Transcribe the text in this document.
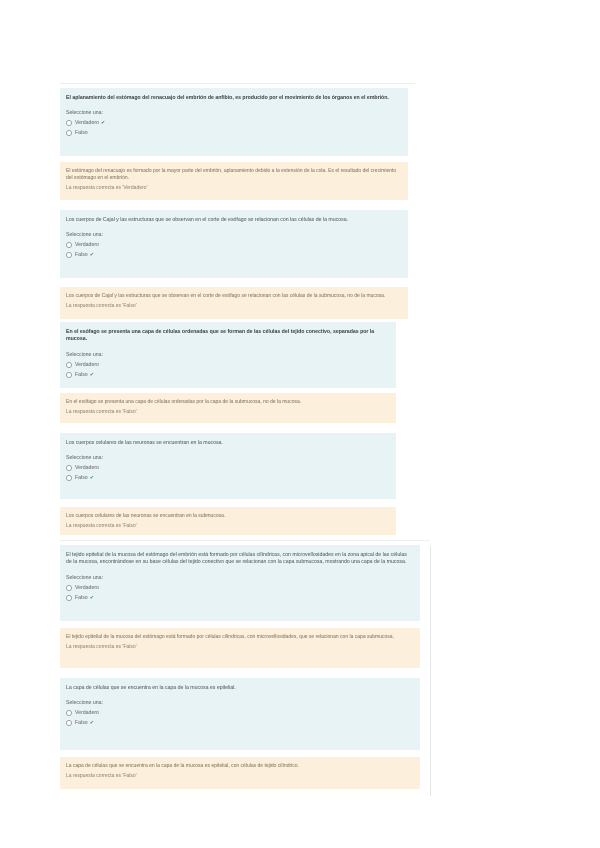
El aplanamiento del estómago del renacuajo del embrión de anfibio, es producido por el movimiento de los órganos en el embrión.
Seleccione una:
Verdadero ✔
Falso
El estómago del renacuajo es formado por la mayor parte del embrión, aplanamiento debido a la extensión de la cola. Es el resultado del crecimiento del estómago en el embrión.
La respuesta correcta es 'Verdadero'
Los cuerpos de Cajal y las estructuras que se observan en el corte de esófago se relacionan con las células de la mucosa.
Seleccione una:
Verdadero
Falso ✔
Los cuerpos de Cajal y las estructuras que se observan en el corte de esófago se relacionan con las células de la submucosa, no de la mucosa.
La respuesta correcta es 'Falso'
En el esófago se presenta una capa de células ordenadas que se forman de las células del tejido conectivo, separadas por la mucosa.
Seleccione una:
Verdadero
Falso ✔
En el esófago se presenta una capa de células ordenadas por la capa de la submucosa, no de la mucosa.
La respuesta correcta es 'Falso'
Los cuerpos celulares de las neuronas se encuentran en la mucosa.
Seleccione una:
Verdadero
Falso ✔
Los cuerpos celulares de las neuronas se encuentran en la submucosa.
La respuesta correcta es 'Falso'
El tejido epitelial de la mucosa del estómago del embrión está formado por células cilíndricas, con microvellosidades en la zona apical de las células de la mucosa, encontrándose en su base células del tejido conectivo que se relacionan con la capa submucosa, mostrando una capa de la mucosa.
Seleccione una:
Verdadero
Falso ✔
El tejido epitelial de la mucosa del estómago está formado por células cilíndricas, con microvellosidades, que se relacionan con la capa submucosa.
La respuesta correcta es 'Falso'
La capa de células que se encuentra en la capa de la mucosa es epitelial.
Seleccione una:
Verdadero
Falso ✔
La capa de células que se encuentra en la capa de la mucosa es epitelial, con células de tejido cilíndrico.
La respuesta correcta es 'Falso'
